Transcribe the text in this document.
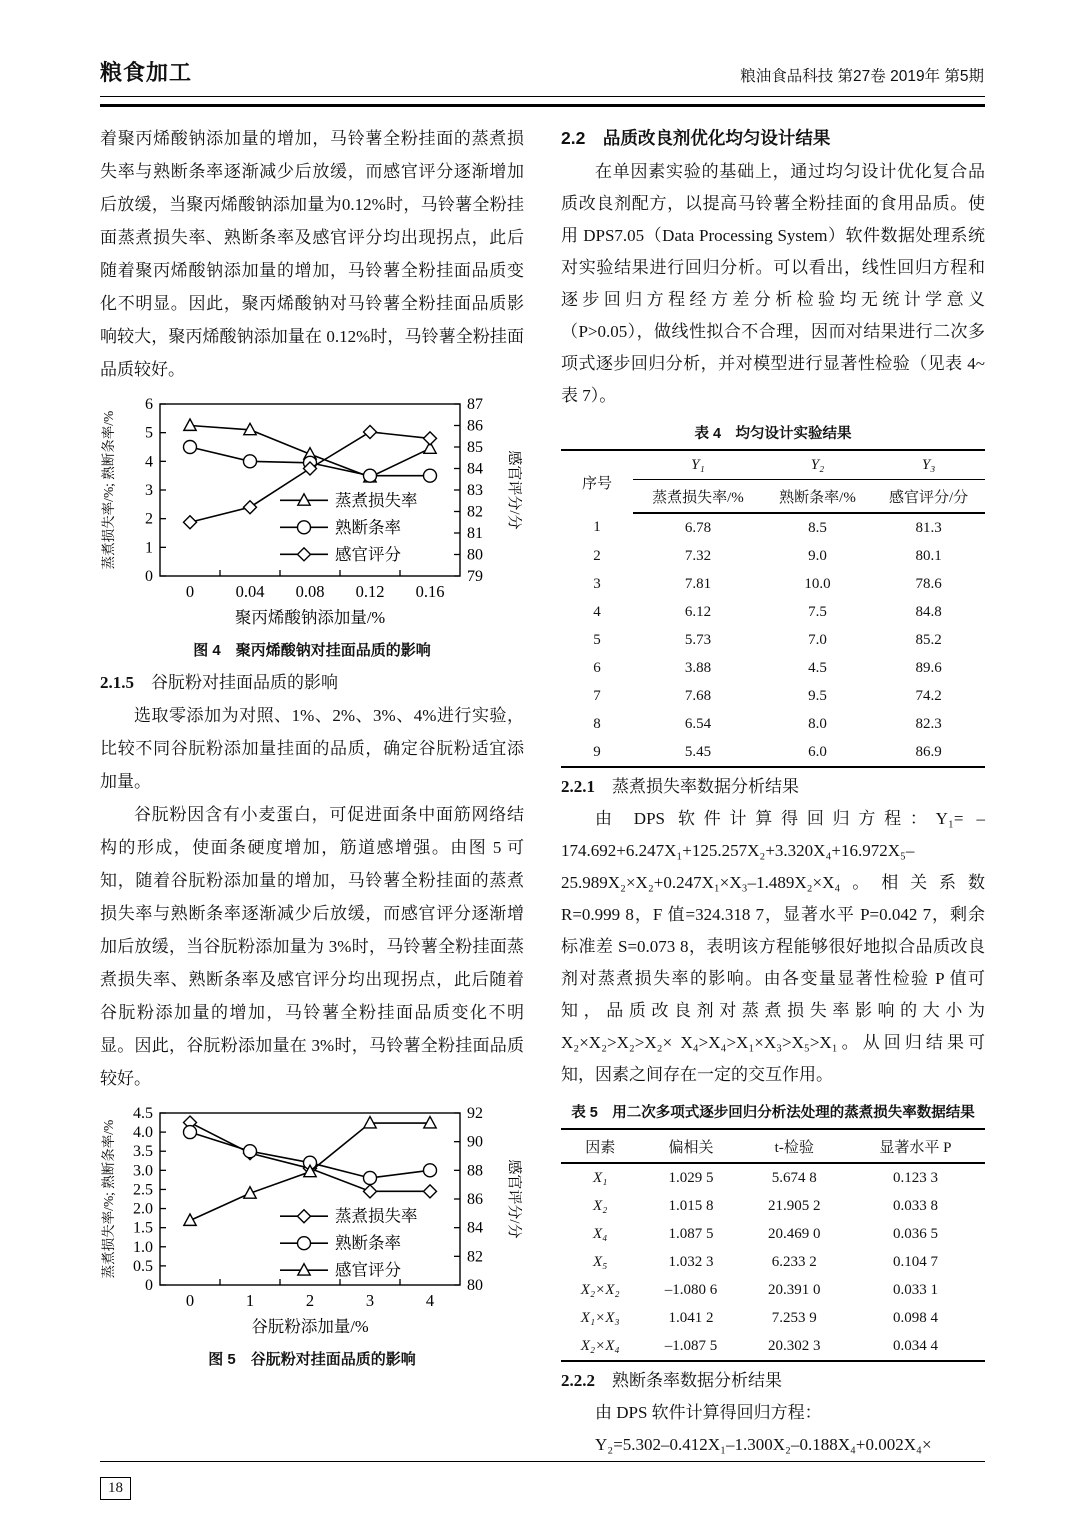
粮食加工	粮油食品科技 第27卷 2019年 第5期

着聚丙烯酸钠添加量的增加，马铃薯全粉挂面的蒸煮损失率与熟断条率逐渐减少后放缓，而感官评分逐渐增加后放缓，当聚丙烯酸钠添加量为0.12%时，马铃薯全粉挂面蒸煮损失率、熟断条率及感官评分均出现拐点，此后随着聚丙烯酸钠添加量的增加，马铃薯全粉挂面品质变化不明显。因此，聚丙烯酸钠对马铃薯全粉挂面品质影响较大，聚丙烯酸钠添加量在 0.12%时，马铃薯全粉挂面品质较好。

0
1
2
3
4
5
6
79
80
81
82
83
84
85
86
87
0	0.04 0.08 0.12 0.16
蒸煮损失率
熟断条率
感官评分
蒸煮损失率/%; 熟断条率/%	感官评分/分
聚丙烯酸钠添加量/%
图 4　聚丙烯酸钠对挂面品质的影响

2.1.5　谷朊粉对挂面品质的影响

选取零添加为对照、1%、2%、3%、4%进行实验，比较不同谷朊粉添加量挂面的品质，确定谷朊粉适宜添加量。

谷朊粉因含有小麦蛋白，可促进面条中面筋网络结构的形成，使面条硬度增加，筋道感增强。由图 5 可知，随着谷朊粉添加量的增加，马铃薯全粉挂面的蒸煮损失率与熟断条率逐渐减少后放缓，而感官评分逐渐增加后放缓，当谷朊粉添加量为 3%时，马铃薯全粉挂面蒸煮损失率、熟断条率及感官评分均出现拐点，此后随着谷朊粉添加量的增加，马铃薯全粉挂面品质变化不明显。因此，谷朊粉添加量在 3%时，马铃薯全粉挂面品质较好。

0
0.5
1.0
1.5
2.0
2.5
3.0
3.5
4.0
4.5
80
82
84
86
88
90
92
0	1	2	3	4
蒸煮损失率
熟断条率
感官评分
蒸煮损失率/%; 熟断条率/%	感官评分/分
谷朊粉添加量/%
图 5　谷朊粉对挂面品质的影响

2.2　品质改良剂优化均匀设计结果

在单因素实验的基础上，通过均匀设计优化复合品质改良剂配方，以提高马铃薯全粉挂面的食用品质。使用 DPS7.05（Data Processing System）软件数据处理系统对实验结果进行回归分析。可以看出，线性回归方程和逐步回归方程经方差分析检验均无统计学意义（P>0.05），做线性拟合不合理，因而对结果进行二次多项式逐步回归分析，并对模型进行显著性检验（见表 4~表 7）。

表 4　均匀设计实验结果
序号	Y₁	Y₂	Y₃
	蒸煮损失率/%	熟断条率/%	感官评分/分
1	6.78	8.5	81.3
2	7.32	9.0	80.1
3	7.81	10.0	78.6
4	6.12	7.5	84.8
5	5.73	7.0	85.2
6	3.88	4.5	89.6
7	7.68	9.5	74.2
8	6.54	8.0	82.3
9	5.45	6.0	86.9

2.2.1　蒸煮损失率数据分析结果

由 DPS 软件计算得回归方程：Y₁= –174.692+6.247X₁+125.257X₂+3.320X₄+16.972X₅–25.989X₂×X₂+0.247X₁×X₃–1.489X₂×X₄。相关系数 R=0.999 8，F 值=324.318 7，显著水平 P=0.042 7，剩余标准差 S=0.073 8，表明该方程能够很好地拟合品质改良剂对蒸煮损失率的影响。由各变量显著性检验 P 值可知，品质改良剂对蒸煮损失率影响的大小为 X₂×X₂>X₂>X₂× X₄>X₄>X₁×X₃>X₅>X₁。从回归结果可知，因素之间存在一定的交互作用。

表 5　用二次多项式逐步回归分析法处理的蒸煮损失率数据结果
因素	偏相关	t-检验	显著水平 P
X₁	1.029 5	5.674 8	0.123 3
X₂	1.015 8	21.905 2	0.033 8
X₄	1.087 5	20.469 0	0.036 5
X₅	1.032 3	6.233 2	0.104 7
X₂×X₂	–1.080 6	20.391 0	0.033 1
X₁×X₃	1.041 2	7.253 9	0.098 4
X₂×X₄	–1.087 5	20.302 3	0.034 4

2.2.2　熟断条率数据分析结果

由 DPS 软件计算得回归方程：

Y₂=5.302–0.412X₁–1.300X₂–0.188X₄+0.002X₄×

18
